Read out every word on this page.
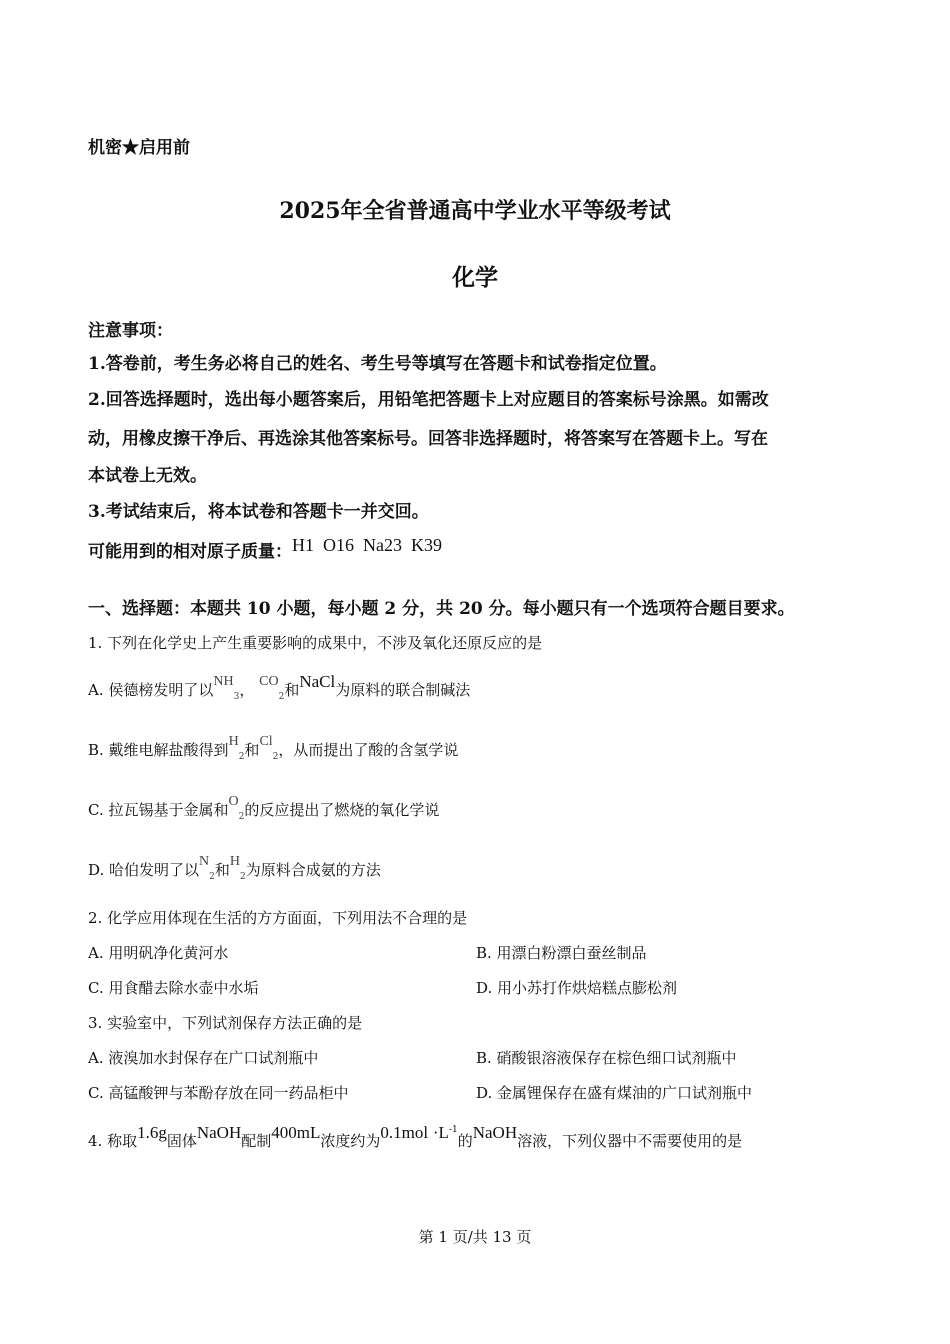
机密★启用前
2025年全省普通高中学业水平等级考试
化学
注意事项：
1.答卷前，考生务必将自己的姓名、考生号等填写在答题卡和试卷指定位置。
2.回答选择题时，选出每小题答案后，用铅笔把答题卡上对应题目的答案标号涂黑。如需改
动，用橡皮擦干净后、再选涂其他答案标号。回答非选择题时，将答案写在答题卡上。写在
本试卷上无效。
3.考试结束后，将本试卷和答题卡一并交回。
可能用到的相对原子质量：H1  O16  Na23  K39
一、选择题：本题共 10 小题，每小题 2 分，共 20 分。每小题只有一个选项符合题目要求。
1. 下列在化学史上产生重要影响的成果中，不涉及氧化还原反应的是
A. 侯德榜发明了以$NH_3$， $CO_2$和NaCl为原料的联合制碱法
B. 戴维电解盐酸得到$H_2$和$Cl_2$，从而提出了酸的含氢学说
C. 拉瓦锡基于金属和$O_2$的反应提出了燃烧的氧化学说
D. 哈伯发明了以$N_2$和$H_2$为原料合成氨的方法
2. 化学应用体现在生活的方方面面，下列用法不合理的是
A. 用明矾净化黄河水	B. 用漂白粉漂白蚕丝制品
C. 用食醋去除水壶中水垢	D. 用小苏打作烘焙糕点膨松剂
3. 实验室中，下列试剂保存方法正确的是
A. 液溴加水封保存在广口试剂瓶中	B. 硝酸银溶液保存在棕色细口试剂瓶中
C. 高锰酸钾与苯酚存放在同一药品柜中	D. 金属锂保存在盛有煤油的广口试剂瓶中
4. 称取1.6g固体NaOH配制400mL浓度约为$0.1mol \cdot L^{-1}$的NaOH溶液，下列仪器中不需要使用的是
第 1 页/共 13 页
